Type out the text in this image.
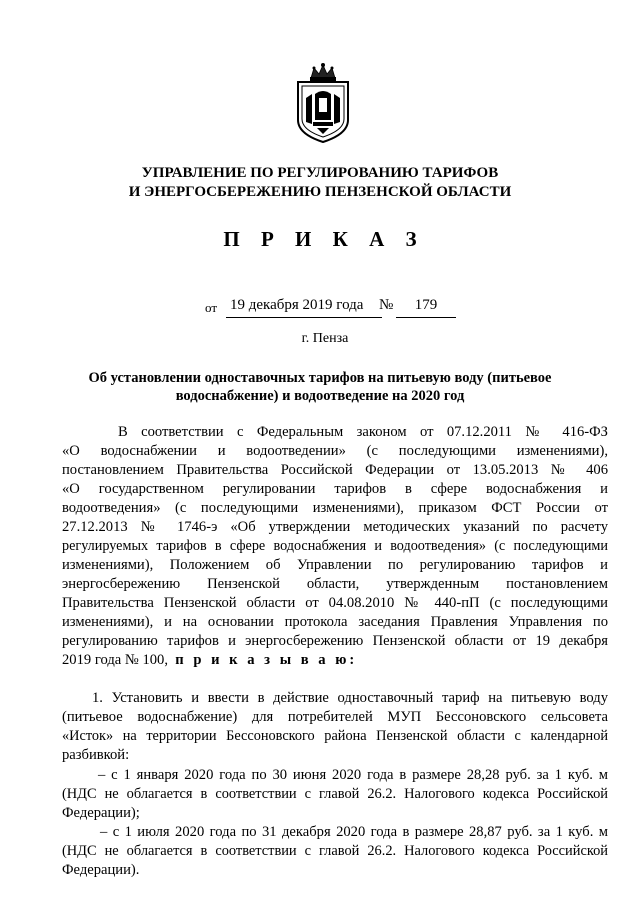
УПРАВЛЕНИЕ ПО РЕГУЛИРОВАНИЮ ТАРИФОВ
И ЭНЕРГОСБЕРЕЖЕНИЮ ПЕНЗЕНСКОЙ ОБЛАСТИ
П Р И К А З
от 19 декабря 2019 года	№	179
г. Пенза
Об установлении одноставочных тарифов на питьевую воду (питьевое
водоснабжение) и водоотведение на 2020 год
В соответствии с Федеральным законом от 07.12.2011 № 416-ФЗ
«О водоснабжении и водоотведении» (с последующими изменениями),
постановлением Правительства Российской Федерации от 13.05.2013 № 406
«О государственном регулировании тарифов в сфере водоснабжения и
водоотведения» (с последующими изменениями), приказом ФСТ России от
27.12.2013 № 1746-э «Об утверждении методических указаний по расчету
регулируемых тарифов в сфере водоснабжения и водоотведения» (с последующими
изменениями), Положением об Управлении по регулированию тарифов и
энергосбережению Пензенской области, утвержденным постановлением
Правительства Пензенской области от 04.08.2010 № 440-пП (с последующими
изменениями), и на основании протокола заседания Правления Управления по
регулированию тарифов и энергосбережению Пензенской области от 19 декабря
2019 года № 100, п р и к а з ы в а ю:
1. Установить и ввести в действие одноставочный тариф на питьевую воду
(питьевое водоснабжение) для потребителей МУП Бессоновского сельсовета
«Исток» на территории Бессоновского района Пензенской области с календарной
разбивкой:
– с 1 января 2020 года по 30 июня 2020 года в размере 28,28 руб. за 1 куб. м
(НДС не облагается в соответствии с главой 26.2. Налогового кодекса Российской
Федерации);
– с 1 июля 2020 года по 31 декабря 2020 года в размере 28,87 руб. за 1 куб. м
(НДС не облагается в соответствии с главой 26.2. Налогового кодекса Российской
Федерации).
